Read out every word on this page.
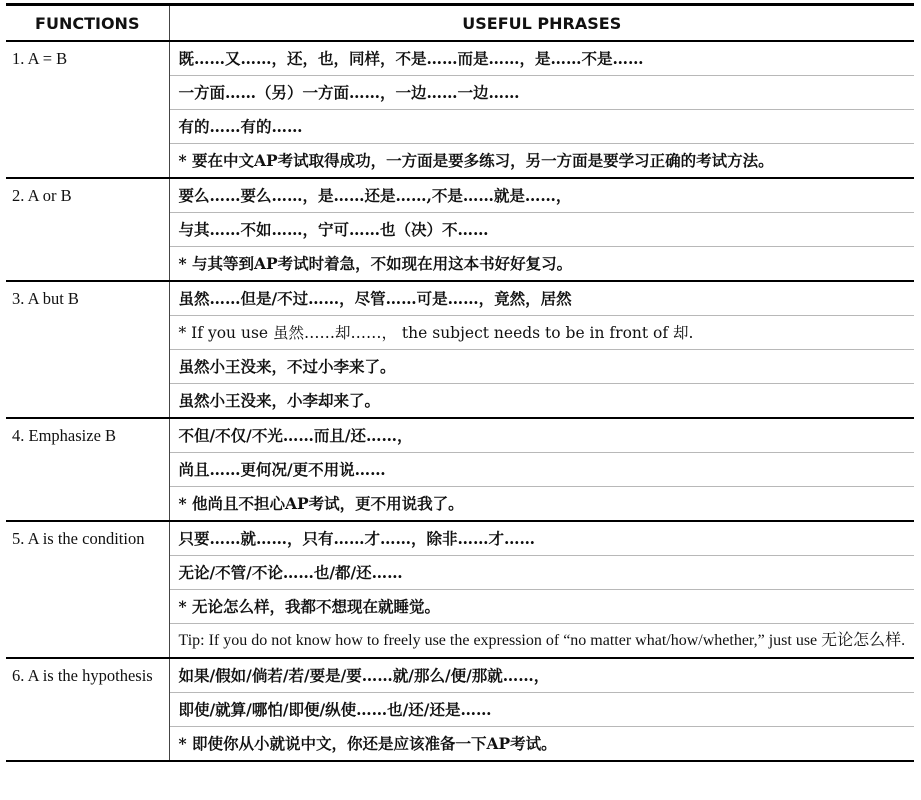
FUNCTIONS	USEFUL PHRASES

1. A = B	既……又……，还，也，同样，不是……而是……，是……不是……
一方面……（另）一方面……，一边……一边……
有的……有的……
* 要在中文AP考试取得成功，一方面是要多练习，另一方面是要学习正确的考试方法。

2. A or B	要么……要么……，是……还是……,不是……就是……，
与其……不如……，宁可……也（决）不……
* 与其等到AP考试时着急，不如现在用这本书好好复习。

3. A but B	虽然……但是/不过……，尽管……可是……，竟然，居然
* If you use 虽然……却……， the subject needs to be in front of 却.
虽然小王没来，不过小李来了。
虽然小王没来，小李却来了。

4. Emphasize B	不但/不仅/不光……而且/还……，
尚且……更何况/更不用说……
* 他尚且不担心AP考试，更不用说我了。

5. A is the condition	只要……就……，只有……才……，除非……才……
无论/不管/不论……也/都/还……
* 无论怎么样，我都不想现在就睡觉。
Tip: If you do not know how to freely use the expression of “no matter what/how/whether,” just use 无论怎么样.

6. A is the hypothesis	如果/假如/倘若/若/要是/要……就/那么/便/那就……，
即使/就算/哪怕/即便/纵使……也/还/还是……
* 即使你从小就说中文，你还是应该准备一下AP考试。
